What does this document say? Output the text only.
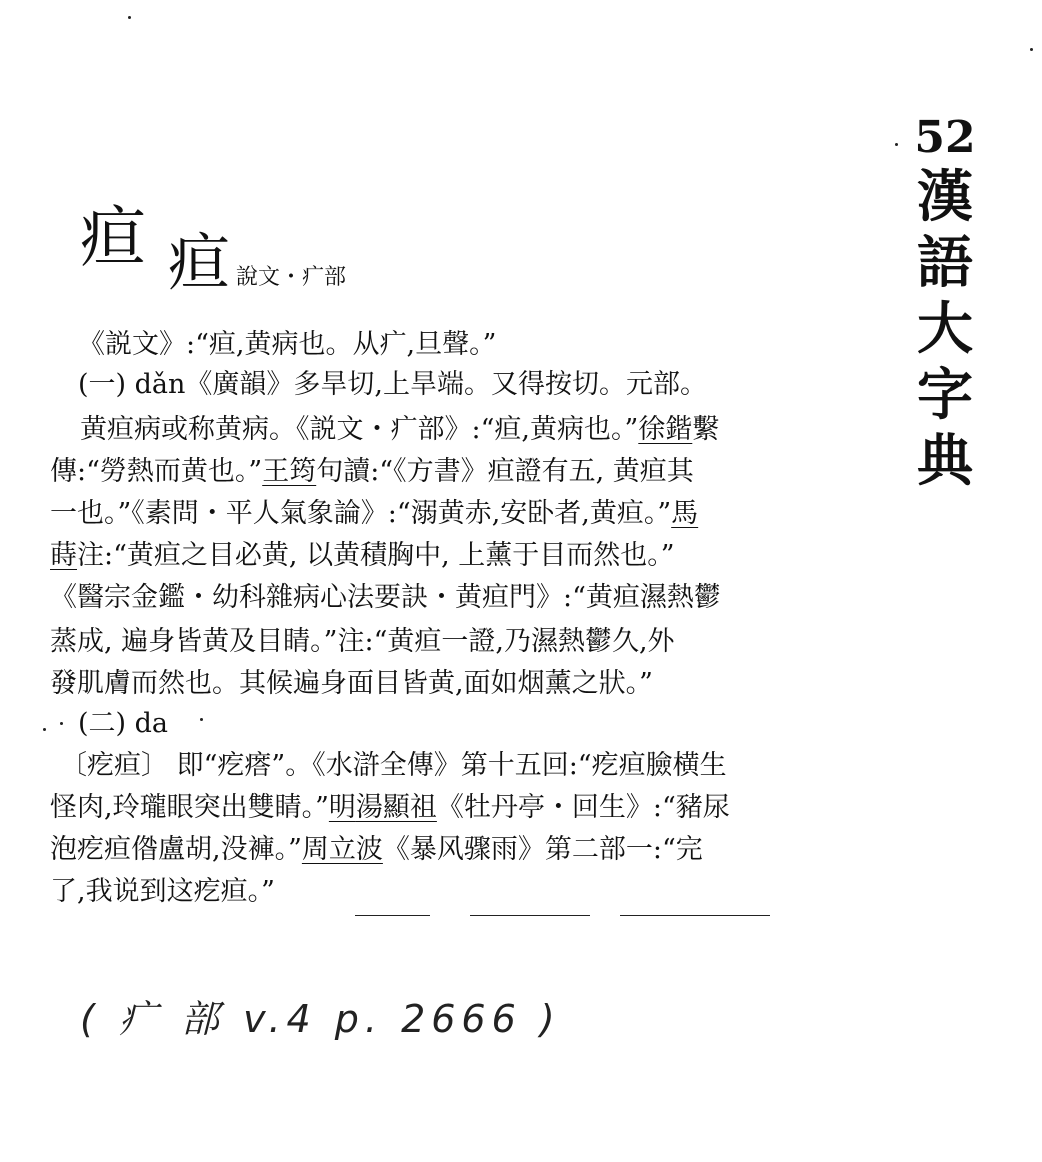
52
漢
語
大
字
典
疸 疸 說文・疒部
《説文》:“疸,黄病也。从疒,旦聲。”
(一) dǎn《廣韻》多旱切,上旱端。又得按切。元部。
黄疸病或称黄病。《説文・疒部》:“疸,黄病也。”徐鍇繫
傳:“勞熱而黄也。”王筠句讀:“《方書》疸證有五, 黄疸其
一也。”《素問・平人氣象論》:“溺黄赤,安卧者,黄疸。”馬
蒔注:“黄疸之目必黄, 以黄積胸中, 上薰于目而然也。”
《醫宗金鑑・幼科雜病心法要訣・黄疸門》:“黄疸濕熱鬱
蒸成, 遍身皆黄及目睛。”注:“黄疸一證,乃濕熱鬱久,外
發肌膚而然也。其候遍身面目皆黄,面如烟薰之狀。”
(二) da
〔疙疸〕 即“疙瘩”。《水滸全傳》第十五回:“疙疸臉横生
怪肉,玲瓏眼突出雙睛。”明湯顯祖《牡丹亭・回生》:“豬尿
泡疙疸偺盧胡,没褲。”周立波《暴风骤雨》第二部一:“完
了,我说到这疙疸。”
( 疒 部 v.4 p. 2666 )
